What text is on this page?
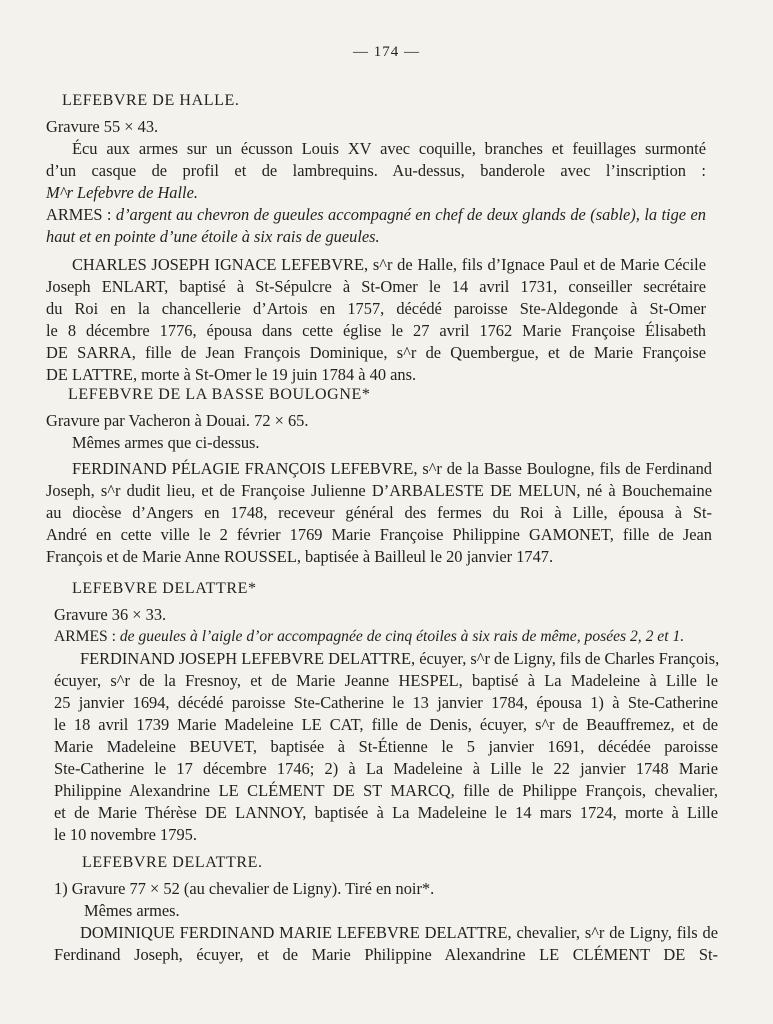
— 174 —
LEFEBVRE DE HALLE.
Gravure 55 × 43.
Écu aux armes sur un écusson Louis XV avec coquille, branches et feuillages surmonté
d’un casque de profil et de lambrequins. Au-dessus, banderole avec l’inscription :
M^r Lefebvre de Halle.
ARMES : d’argent au chevron de gueules accompagné en chef de deux glands de (sable), la tige en
haut et en pointe d’une étoile à six rais de gueules.
CHARLES JOSEPH IGNACE LEFEBVRE, s^r de Halle, fils d’Ignace Paul et de Marie Cécile
Joseph ENLART, baptisé à St-Sépulcre à St-Omer le 14 avril 1731, conseiller secrétaire
du Roi en la chancellerie d’Artois en 1757, décédé paroisse Ste-Aldegonde à St-Omer
le 8 décembre 1776, épousa dans cette église le 27 avril 1762 Marie Françoise Élisabeth
DE SARRA, fille de Jean François Dominique, s^r de Quembergue, et de Marie Françoise
DE LATTRE, morte à St-Omer le 19 juin 1784 à 40 ans.
LEFEBVRE DE LA BASSE BOULOGNE*
Gravure par Vacheron à Douai. 72 × 65.
Mêmes armes que ci-dessus.
FERDINAND PÉLAGIE FRANÇOIS LEFEBVRE, s^r de la Basse Boulogne, fils de Ferdinand
Joseph, s^r dudit lieu, et de Françoise Julienne D’ARBALESTE DE MELUN, né à Bouchemaine
au diocèse d’Angers en 1748, receveur général des fermes du Roi à Lille, épousa à St-
André en cette ville le 2 février 1769 Marie Françoise Philippine GAMONET, fille de Jean
François et de Marie Anne ROUSSEL, baptisée à Bailleul le 20 janvier 1747.
LEFEBVRE DELATTRE*
Gravure 36 × 33.
ARMES : de gueules à l’aigle d’or accompagnée de cinq étoiles à six rais de même, posées 2, 2 et 1.
FERDINAND JOSEPH LEFEBVRE DELATTRE, écuyer, s^r de Ligny, fils de Charles François,
écuyer, s^r de la Fresnoy, et de Marie Jeanne HESPEL, baptisé à La Madeleine à Lille le
25 janvier 1694, décédé paroisse Ste-Catherine le 13 janvier 1784, épousa 1) à Ste-Catherine
le 18 avril 1739 Marie Madeleine LE CAT, fille de Denis, écuyer, s^r de Beauffremez, et de
Marie Madeleine BEUVET, baptisée à St-Étienne le 5 janvier 1691, décédée paroisse
Ste-Catherine le 17 décembre 1746; 2) à La Madeleine à Lille le 22 janvier 1748 Marie
Philippine Alexandrine LE CLÉMENT DE ST MARCQ, fille de Philippe François, chevalier,
et de Marie Thérèse DE LANNOY, baptisée à La Madeleine le 14 mars 1724, morte à Lille
le 10 novembre 1795.
LEFEBVRE DELATTRE.
1) Gravure 77 × 52 (au chevalier de Ligny). Tiré en noir*.
Mêmes armes.
DOMINIQUE FERDINAND MARIE LEFEBVRE DELATTRE, chevalier, s^r de Ligny, fils de
Ferdinand Joseph, écuyer, et de Marie Philippine Alexandrine LE CLÉMENT DE St-
